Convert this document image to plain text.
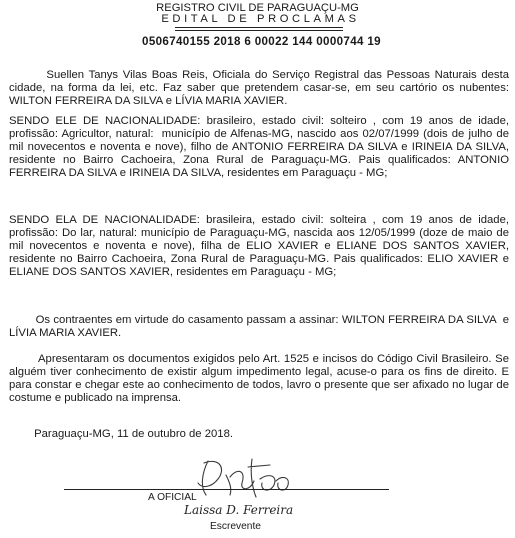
REGISTRO CIVIL DE PARAGUAÇU-MG
EDITAL DE PROCLAMAS
0506740155 2018 6 00022 144 0000744 19

Suellen Tanys Vilas Boas Reis, Oficiala do Serviço Registral das Pessoas Naturais desta cidade, na forma da lei, etc. Faz saber que pretendem casar-se, em seu cartório os nubentes: WILTON FERREIRA DA SILVA e LÍVIA MARIA XAVIER.

SENDO ELE DE NACIONALIDADE: brasileiro, estado civil: solteiro , com 19 anos de idade, profissão: Agricultor, natural:  município de Alfenas-MG, nascido aos 02/07/1999 (dois de julho de mil novecentos e noventa e nove), filho de ANTONIO FERREIRA DA SILVA e IRINEIA DA SILVA, residente no Bairro Cachoeira, Zona Rural de Paraguaçu-MG. Pais qualificados: ANTONIO FERREIRA DA SILVA e IRINEIA DA SILVA, residentes em Paraguaçu - MG;

SENDO ELA DE NACIONALIDADE: brasileira, estado civil: solteira , com 19 anos de idade, profissão: Do lar, natural: município de Paraguaçu-MG, nascida aos 12/05/1999 (doze de maio de mil novecentos e noventa e nove), filha de ELIO XAVIER e ELIANE DOS SANTOS XAVIER, residente no Bairro Cachoeira, Zona Rural de Paraguaçu-MG. Pais qualificados: ELIO XAVIER e ELIANE DOS SANTOS XAVIER, residentes em Paraguaçu - MG;

Os contraentes em virtude do casamento passam a assinar: WILTON FERREIRA DA SILVA  e LÍVIA MARIA XAVIER.

Apresentaram os documentos exigidos pelo Art. 1525 e incisos do Código Civil Brasileiro. Se alguém tiver conhecimento de existir algum impedimento legal, acuse-o para os fins de direito. E para constar e chegar este ao conhecimento de todos, lavro o presente que ser afixado no lugar de costume e publicado na imprensa.

Paraguaçu-MG, 11 de outubro de 2018.

A OFICIAL
Laissa D. Ferreira
Escrevente
